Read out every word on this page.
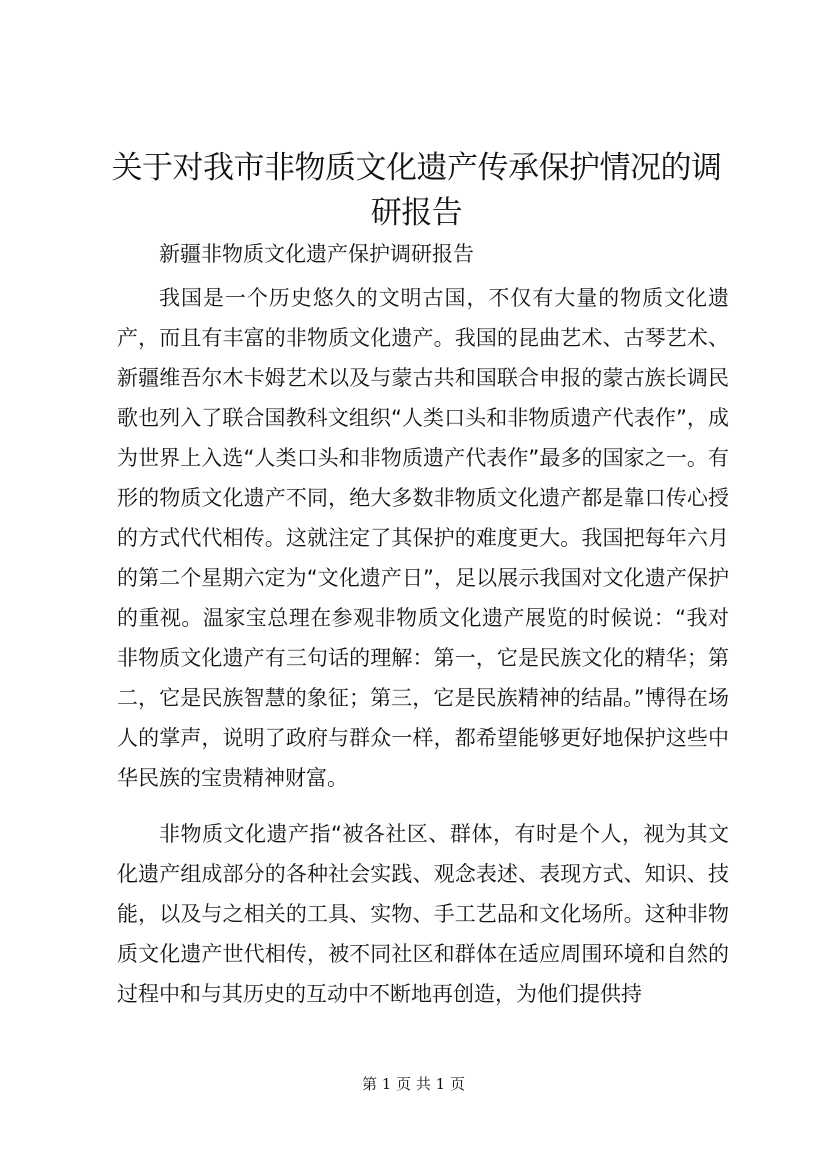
关于对我市非物质文化遗产传承保护情况的调研报告

新疆非物质文化遗产保护调研报告

我国是一个历史悠久的文明古国，不仅有大量的物质文化遗产，而且有丰富的非物质文化遗产。我国的昆曲艺术、古琴艺术、新疆维吾尔木卡姆艺术以及与蒙古共和国联合申报的蒙古族长调民歌也列入了联合国教科文组织“人类口头和非物质遗产代表作”，成为世界上入选“人类口头和非物质遗产代表作”最多的国家之一。有形的物质文化遗产不同，绝大多数非物质文化遗产都是靠口传心授的方式代代相传。这就注定了其保护的难度更大。我国把每年六月的第二个星期六定为“文化遗产日”，足以展示我国对文化遗产保护的重视。温家宝总理在参观非物质文化遗产展览的时候说：“我对非物质文化遗产有三句话的理解：第一，它是民族文化的精华；第二，它是民族智慧的象征；第三，它是民族精神的结晶。”博得在场人的掌声，说明了政府与群众一样，都希望能够更好地保护这些中华民族的宝贵精神财富。

非物质文化遗产指“被各社区、群体，有时是个人，视为其文化遗产组成部分的各种社会实践、观念表述、表现方式、知识、技能，以及与之相关的工具、实物、手工艺品和文化场所。这种非物质文化遗产世代相传，被不同社区和群体在适应周围环境和自然的过程中和与其历史的互动中不断地再创造，为他们提供持

第 1 页 共 1 页
